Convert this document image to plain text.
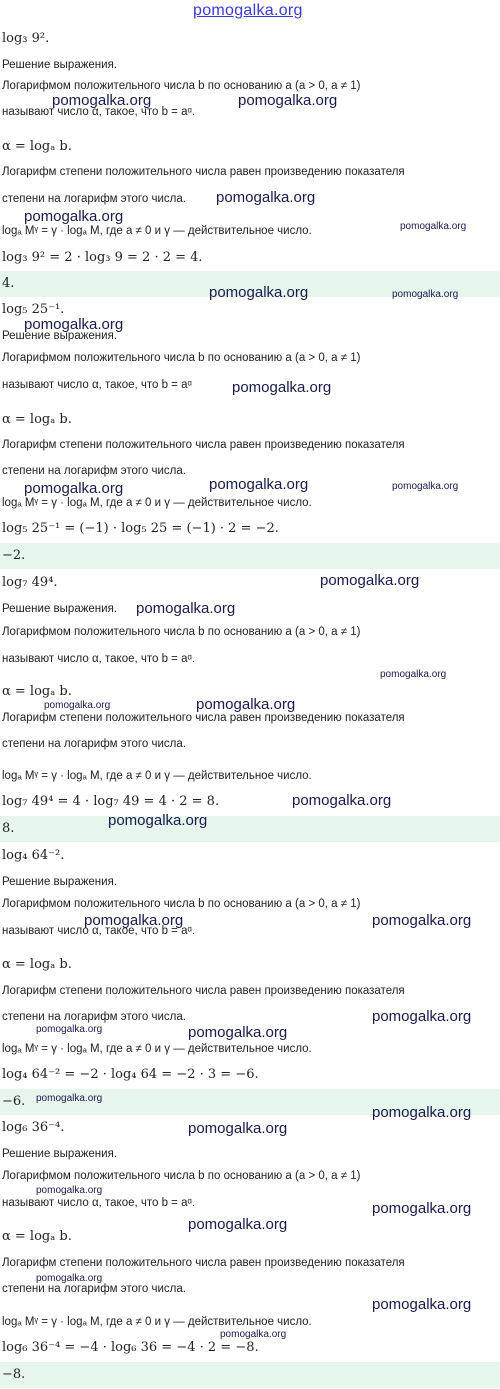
pomogalka.org
log₃ 9².
Решение выражения.
Логарифмом положительного числа b по основанию a (a > 0, a ≠ 1)
называют число α, такое, что b = aᵅ.
α = logₐ b.
Логарифм степени положительного числа равен произведению показателя
степени на логарифм этого числа.
logₐ Mᵞ = γ · logₐ M, где a ≠ 0 и γ — действительное число.
log₃ 9² = 2 · log₃ 9 = 2 · 2 = 4.
4.
log₅ 25⁻¹.
Решение выражения.
Логарифмом положительного числа b по основанию a (a > 0, a ≠ 1)
называют число α, такое, что b = aᵅ
α = logₐ b.
Логарифм степени положительного числа равен произведению показателя
степени на логарифм этого числа.
logₐ Mᵞ = γ · logₐ M, где a ≠ 0 и γ — действительное число.
log₅ 25⁻¹ = (−1) · log₅ 25 = (−1) · 2 = −2.
−2.
log₇ 49⁴.
Решение выражения.
Логарифмом положительного числа b по основанию a (a > 0, a ≠ 1)
называют число α, такое, что b = aᵅ.
α = logₐ b.
Логарифм степени положительного числа равен произведению показателя
степени на логарифм этого числа.
logₐ Mᵞ = γ · logₐ M, где a ≠ 0 и γ — действительное число.
log₇ 49⁴ = 4 · log₇ 49 = 4 · 2 = 8.
8.
log₄ 64⁻².
Решение выражения.
Логарифмом положительного числа b по основанию a (a > 0, a ≠ 1)
называют число α, такое, что b = aᵅ.
α = logₐ b.
Логарифм степени положительного числа равен произведению показателя
степени на логарифм этого числа.
logₐ Mᵞ = γ · logₐ M, где a ≠ 0 и γ — действительное число.
log₄ 64⁻² = −2 · log₄ 64 = −2 · 3 = −6.
−6.
log₆ 36⁻⁴.
Решение выражения.
Логарифмом положительного числа b по основанию a (a > 0, a ≠ 1)
называют число α, такое, что b = aᵅ.
α = logₐ b.
Логарифм степени положительного числа равен произведению показателя
степени на логарифм этого числа.
logₐ Mᵞ = γ · logₐ M, где a ≠ 0 и γ — действительное число.
log₆ 36⁻⁴ = −4 · log₆ 36 = −4 · 2 = −8.
−8.
pomogalka.org	pomogalka.org
pomogalka.org
pomogalka.org
pomogalka.org
pomogalka.org	pomogalka.org
pomogalka.org
pomogalka.org
pomogalka.org	pomogalka.org	pomogalka.org
pomogalka.org
pomogalka.org
pomogalka.org
pomogalka.org	pomogalka.org
pomogalka.org
pomogalka.org
pomogalka.org	pomogalka.org
pomogalka.org
pomogalka.org	pomogalka.org
pomogalka.org
pomogalka.org
pomogalka.org
pomogalka.org
pomogalka.org
pomogalka.org
pomogalka.org
pomogalka.org
pomogalka.org
